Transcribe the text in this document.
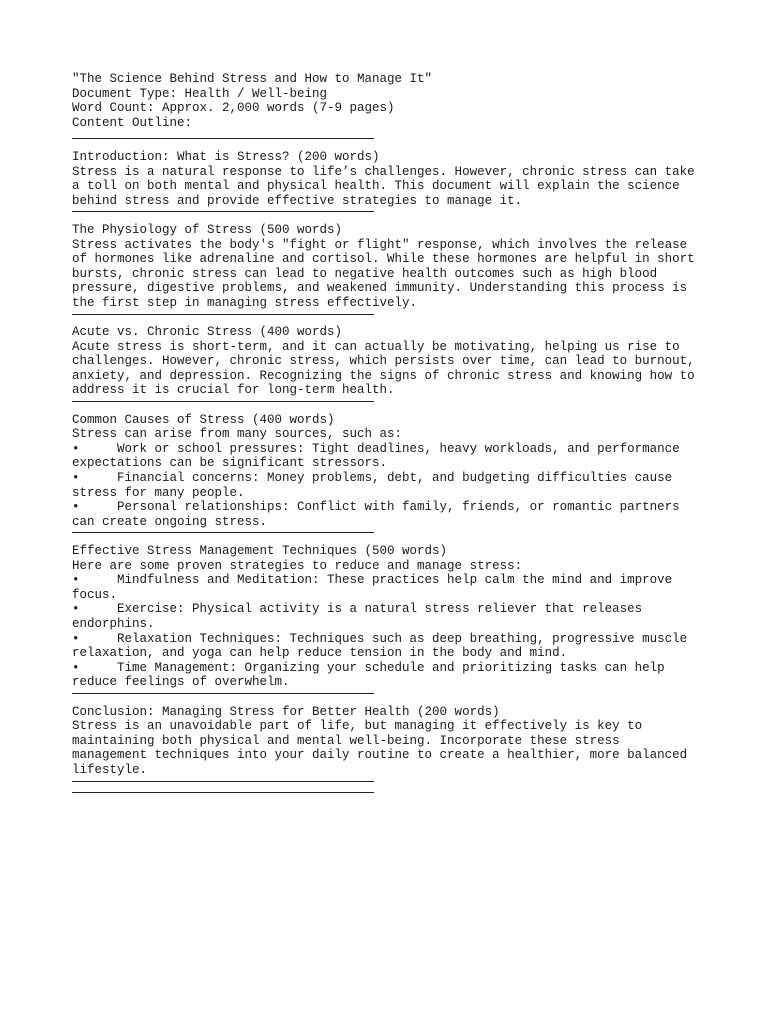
"The Science Behind Stress and How to Manage It"
Document Type: Health / Well-being
Word Count: Approx. 2,000 words (7-9 pages)
Content Outline:
Introduction: What is Stress? (200 words)
Stress is a natural response to life’s challenges. However, chronic stress can take
a toll on both mental and physical health. This document will explain the science
behind stress and provide effective strategies to manage it.
The Physiology of Stress (500 words)
Stress activates the body's "fight or flight" response, which involves the release
of hormones like adrenaline and cortisol. While these hormones are helpful in short
bursts, chronic stress can lead to negative health outcomes such as high blood
pressure, digestive problems, and weakened immunity. Understanding this process is
the first step in managing stress effectively.
Acute vs. Chronic Stress (400 words)
Acute stress is short-term, and it can actually be motivating, helping us rise to
challenges. However, chronic stress, which persists over time, can lead to burnout,
anxiety, and depression. Recognizing the signs of chronic stress and knowing how to
address it is crucial for long-term health.
Common Causes of Stress (400 words)
Stress can arise from many sources, such as:
•     Work or school pressures: Tight deadlines, heavy workloads, and performance
expectations can be significant stressors.
•     Financial concerns: Money problems, debt, and budgeting difficulties cause
stress for many people.
•     Personal relationships: Conflict with family, friends, or romantic partners
can create ongoing stress.
Effective Stress Management Techniques (500 words)
Here are some proven strategies to reduce and manage stress:
•     Mindfulness and Meditation: These practices help calm the mind and improve
focus.
•     Exercise: Physical activity is a natural stress reliever that releases
endorphins.
•     Relaxation Techniques: Techniques such as deep breathing, progressive muscle
relaxation, and yoga can help reduce tension in the body and mind.
•     Time Management: Organizing your schedule and prioritizing tasks can help
reduce feelings of overwhelm.
Conclusion: Managing Stress for Better Health (200 words)
Stress is an unavoidable part of life, but managing it effectively is key to
maintaining both physical and mental well-being. Incorporate these stress
management techniques into your daily routine to create a healthier, more balanced
lifestyle.
